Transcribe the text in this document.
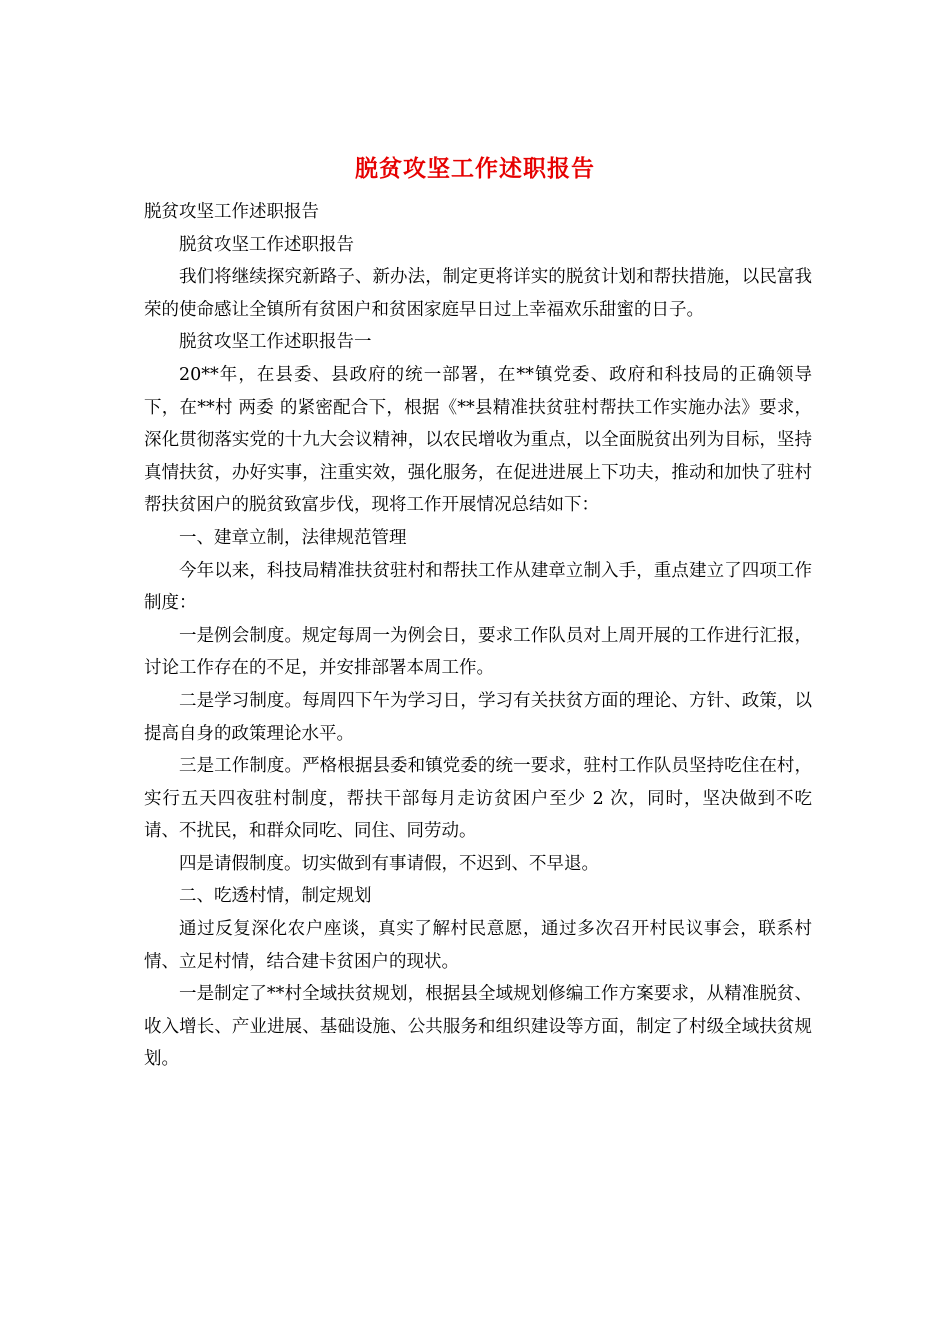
脱贫攻坚工作述职报告

脱贫攻坚工作述职报告

脱贫攻坚工作述职报告

我们将继续探究新路子、新办法，制定更将详实的脱贫计划和帮扶措施，以民富我荣的使命感让全镇所有贫困户和贫困家庭早日过上幸福欢乐甜蜜的日子。

脱贫攻坚工作述职报告一

20**年，在县委、县政府的统一部署，在**镇党委、政府和科技局的正确领导下，在**村 两委 的紧密配合下，根据《**县精准扶贫驻村帮扶工作实施办法》要求，深化贯彻落实党的十九大会议精神，以农民增收为重点，以全面脱贫出列为目标，坚持真情扶贫，办好实事，注重实效，强化服务，在促进进展上下功夫，推动和加快了驻村帮扶贫困户的脱贫致富步伐，现将工作开展情况总结如下：

一、建章立制，法律规范管理

今年以来，科技局精准扶贫驻村和帮扶工作从建章立制入手，重点建立了四项工作制度：

一是例会制度。规定每周一为例会日，要求工作队员对上周开展的工作进行汇报，讨论工作存在的不足，并安排部署本周工作。

二是学习制度。每周四下午为学习日，学习有关扶贫方面的理论、方针、政策，以提高自身的政策理论水平。

三是工作制度。严格根据县委和镇党委的统一要求，驻村工作队员坚持吃住在村，实行五天四夜驻村制度，帮扶干部每月走访贫困户至少 2 次，同时，坚决做到不吃请、不扰民，和群众同吃、同住、同劳动。

四是请假制度。切实做到有事请假，不迟到、不早退。

二、吃透村情，制定规划

通过反复深化农户座谈，真实了解村民意愿，通过多次召开村民议事会，联系村情、立足村情，结合建卡贫困户的现状。

一是制定了**村全域扶贫规划，根据县全域规划修编工作方案要求，从精准脱贫、收入增长、产业进展、基础设施、公共服务和组织建设等方面，制定了村级全域扶贫规划。
